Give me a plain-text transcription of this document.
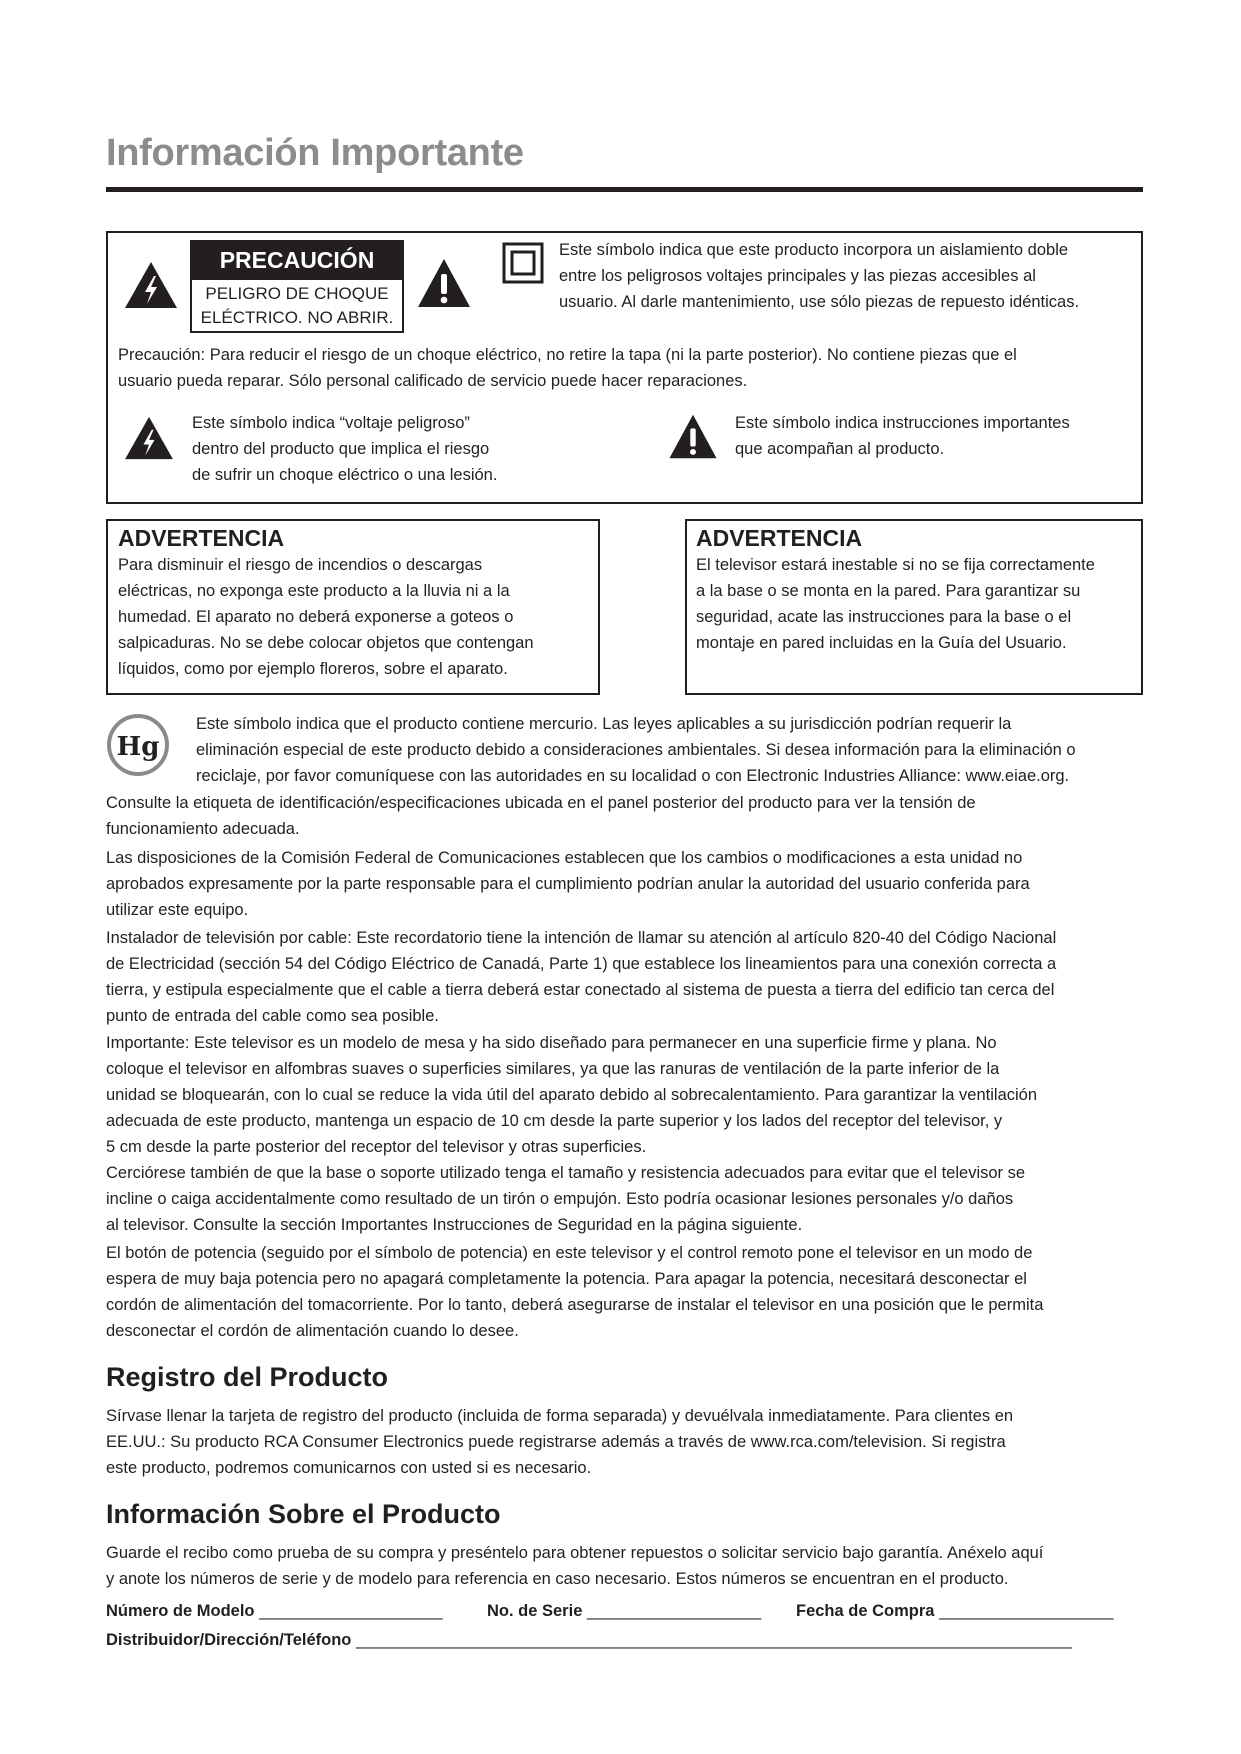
Información Importante
PRECAUCIÓN
PELIGRO DE CHOQUE
ELÉCTRICO. NO ABRIR.
Este símbolo indica que este producto incorpora un aislamiento doble
entre los peligrosos voltajes principales y las piezas accesibles al
usuario. Al darle mantenimiento, use sólo piezas de repuesto idénticas.
Precaución: Para reducir el riesgo de un choque eléctrico, no retire la tapa (ni la parte posterior). No contiene piezas que el
usuario pueda reparar. Sólo personal calificado de servicio puede hacer reparaciones.
Este símbolo indica “voltaje peligroso”
dentro del producto que implica el riesgo
de sufrir un choque eléctrico o una lesión.
Este símbolo indica instrucciones importantes
que acompañan al producto.
ADVERTENCIA
Para disminuir el riesgo de incendios o descargas
eléctricas, no exponga este producto a la lluvia ni a la
humedad. El aparato no deberá exponerse a goteos o
salpicaduras. No se debe colocar objetos que contengan
líquidos, como por ejemplo floreros, sobre el aparato.
ADVERTENCIA
El televisor estará inestable si no se fija correctamente
a la base o se monta en la pared. Para garantizar su
seguridad, acate las instrucciones para la base o el
montaje en pared incluidas en la Guía del Usuario.
Hg
Este símbolo indica que el producto contiene mercurio. Las leyes aplicables a su jurisdicción podrían requerir la
eliminación especial de este producto debido a consideraciones ambientales. Si desea información para la eliminación o
reciclaje, por favor comuníquese con las autoridades en su localidad o con Electronic Industries Alliance: www.eiae.org.
Consulte la etiqueta de identificación/especificaciones ubicada en el panel posterior del producto para ver la tensión de
funcionamiento adecuada.
Las disposiciones de la Comisión Federal de Comunicaciones establecen que los cambios o modificaciones a esta unidad no
aprobados expresamente por la parte responsable para el cumplimiento podrían anular la autoridad del usuario conferida para
utilizar este equipo.
Instalador de televisión por cable: Este recordatorio tiene la intención de llamar su atención al artículo 820-40 del Código Nacional
de Electricidad (sección 54 del Código Eléctrico de Canadá, Parte 1) que establece los lineamientos para una conexión correcta a
tierra, y estipula especialmente que el cable a tierra deberá estar conectado al sistema de puesta a tierra del edificio tan cerca del
punto de entrada del cable como sea posible.
Importante: Este televisor es un modelo de mesa y ha sido diseñado para permanecer en una superficie firme y plana. No
coloque el televisor en alfombras suaves o superficies similares, ya que las ranuras de ventilación de la parte inferior de la
unidad se bloquearán, con lo cual se reduce la vida útil del aparato debido al sobrecalentamiento. Para garantizar la ventilación
adecuada de este producto, mantenga un espacio de 10 cm desde la parte superior y los lados del receptor del televisor, y
5 cm desde la parte posterior del receptor del televisor y otras superficies.
Cerciórese también de que la base o soporte utilizado tenga el tamaño y resistencia adecuados para evitar que el televisor se
incline o caiga accidentalmente como resultado de un tirón o empujón. Esto podría ocasionar lesiones personales y/o daños
al televisor. Consulte la sección Importantes Instrucciones de Seguridad en la página siguiente.
El botón de potencia (seguido por el símbolo de potencia) en este televisor y el control remoto pone el televisor en un modo de
espera de muy baja potencia pero no apagará completamente la potencia. Para apagar la potencia, necesitará desconectar el
cordón de alimentación del tomacorriente. Por lo tanto, deberá asegurarse de instalar el televisor en una posición que le permita
desconectar el cordón de alimentación cuando lo desee.
Registro del Producto
Sírvase llenar la tarjeta de registro del producto (incluida de forma separada) y devuélvala inmediatamente. Para clientes en
EE.UU.: Su producto RCA Consumer Electronics puede registrarse además a través de www.rca.com/television. Si registra
este producto, podremos comunicarnos con usted si es necesario.
Información Sobre el Producto
Guarde el recibo como prueba de su compra y preséntelo para obtener repuestos o solicitar servicio bajo garantía. Anéxelo aquí
y anote los números de serie y de modelo para referencia en caso necesario. Estos números se encuentran en el producto.
Número de Modelo ____________________	No. de Serie ___________________ Fecha de Compra ___________________
Distribuidor/Dirección/Teléfono ______________________________________________________________________________
